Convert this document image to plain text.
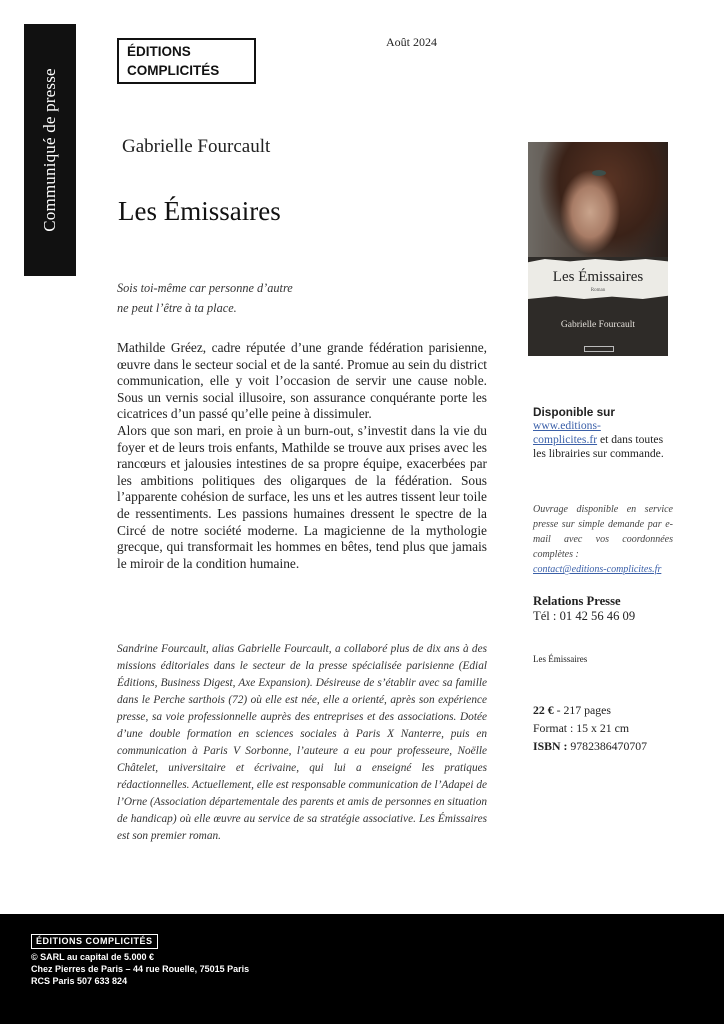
Communiqué de presse
ÉDITIONS
COMPLICITÉS
Août 2024
Gabrielle Fourcault
Les Émissaires
Sois toi-même car personne d’autre
ne peut l’être à ta place.

Mathilde Gréez, cadre réputée d’une grande fédération parisienne, œuvre dans le secteur social et de la santé. Promue au sein du district communication, elle y voit l’occasion de servir une cause noble. Sous un vernis social illusoire, son assurance conquérante porte les cicatrices d’un passé qu’elle peine à dissimuler.

Alors que son mari, en proie à un burn-out, s’investit dans la vie du foyer et de leurs trois enfants, Mathilde se trouve aux prises avec les rancœurs et jalousies intestines de sa propre équipe, exacerbées par les ambitions politiques des oligarques de la fédération. Sous l’apparente cohésion de surface, les uns et les autres tissent leur toile de ressentiments. Les passions humaines dressent le spectre de la Circé de notre société moderne. La magicienne de la mythologie grecque, qui transformait les hommes en bêtes, tend plus que jamais le miroir de la condition humaine.

Sandrine Fourcault, alias Gabrielle Fourcault, a collaboré plus de dix ans à des missions éditoriales dans le secteur de la presse spécialisée parisienne (Edial Éditions, Business Digest, Axe Expansion). Désireuse de s’établir avec sa famille dans le Perche sarthois (72) où elle est née, elle a orienté, après son expérience presse, sa voie professionnelle auprès des entreprises et des associations. Dotée d’une double formation en sciences sociales à Paris X Nanterre, puis en communication à Paris V Sorbonne, l’auteure a eu pour professeure, Noëlle Châtelet, universitaire et écrivaine, qui lui a enseigné les pratiques rédactionnelles. Actuellement, elle est responsable communication de l’Adapei de l’Orne (Association départementale des parents et amis de personnes en situation de handicap) où elle œuvre au service de sa stratégie associative. Les Émissaires est son premier roman.
Les Émissaires
Roman
Gabrielle Fourcault
Disponible sur
www.editions-
complicites.fr et dans toutes les librairies sur commande.
Ouvrage disponible en service presse sur simple demande par e-mail avec vos coordonnées complètes :
contact@editions-complicites.fr
Relations Presse
Tél : 01 42 56 46 09
Les Émissaires
22 € - 217 pages
Format : 15 x 21 cm
ISBN : 9782386470707
ÉDITIONS COMPLICITÉS
© SARL au capital de 5.000 €
Chez Pierres de Paris – 44 rue Rouelle, 75015 Paris
RCS Paris 507 633 824
